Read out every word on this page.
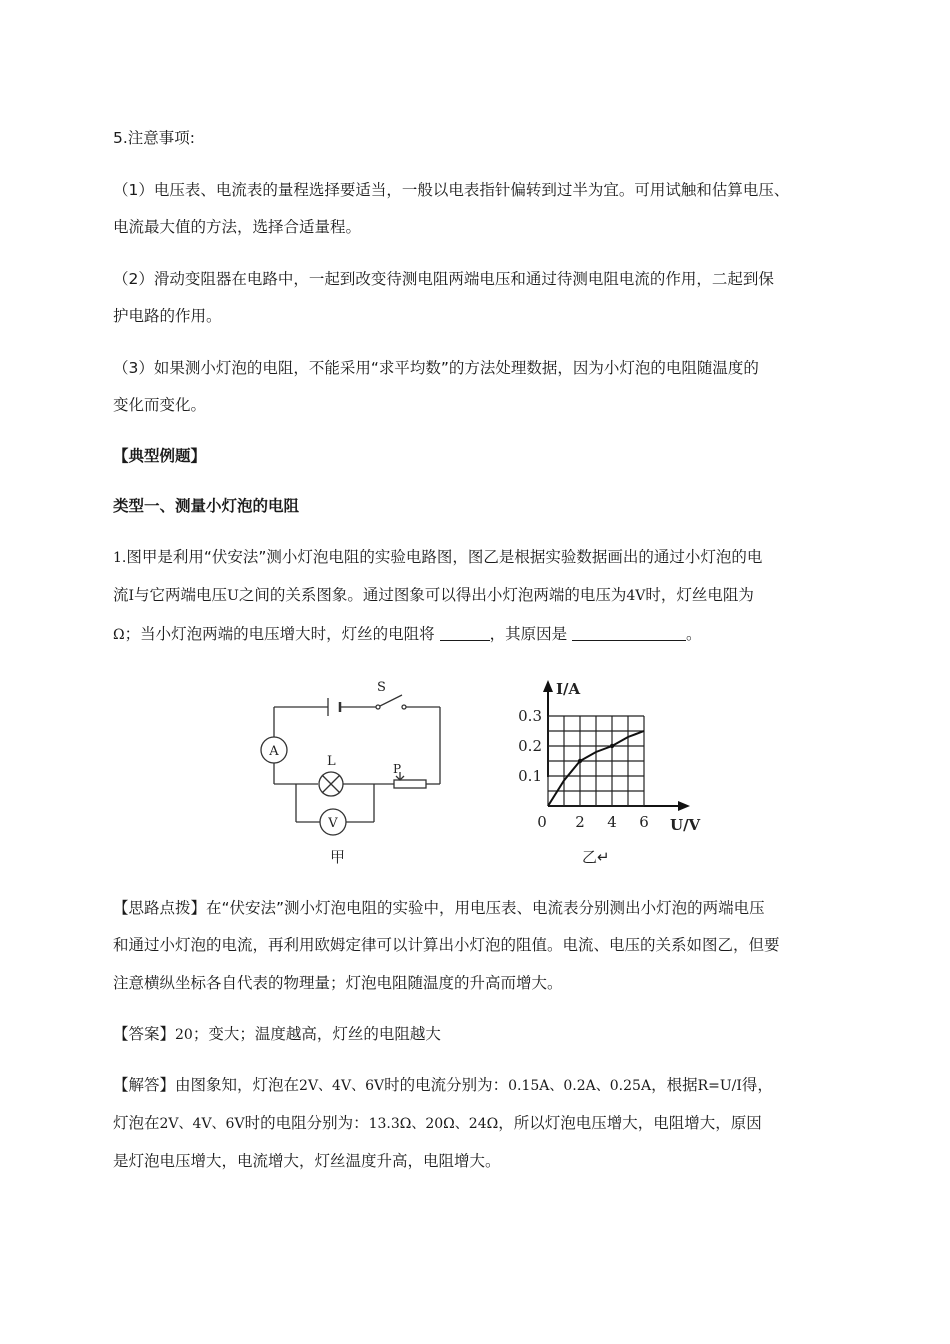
5.注意事项:
（1）电压表、电流表的量程选择要适当，一般以电表指针偏转到过半为宜。可用试触和估算电压、
电流最大值的方法，选择合适量程。
（2）滑动变阻器在电路中，一起到改变待测电阻两端电压和通过待测电阻电流的作用，二起到保
护电路的作用。
（3）如果测小灯泡的电阻，不能采用“求平均数”的方法处理数据，因为小灯泡的电阻随温度的
变化而变化。
【典型例题】
类型一、测量小灯泡的电阻
1.图甲是利用“伏安法”测小灯泡电阻的实验电路图，图乙是根据实验数据画出的通过小灯泡的电
流I与它两端电压U之间的关系图象。通过图象可以得出小灯泡两端的电压为4V时，灯丝电阻为
Ω；当小灯泡两端的电压增大时，灯丝的电阻将	，其原因是	。
A
V
S
L	P
甲
0.1
0.2
0.3
0 2 4 6
I/A
U/V
乙↵
【思路点拨】在“伏安法”测小灯泡电阻的实验中，用电压表、电流表分别测出小灯泡的两端电压
和通过小灯泡的电流，再利用欧姆定律可以计算出小灯泡的阻值。电流、电压的关系如图乙，但要
注意横纵坐标各自代表的物理量；灯泡电阻随温度的升高而增大。
【答案】20；变大；温度越高，灯丝的电阻越大
【解答】由图象知，灯泡在2V、4V、6V时的电流分别为：0.15A、0.2A、0.25A，根据R=U/I得，
灯泡在2V、4V、6V时的电阻分别为：13.3Ω、20Ω、24Ω，所以灯泡电压增大，电阻增大，原因
是灯泡电压增大，电流增大，灯丝温度升高，电阻增大。
